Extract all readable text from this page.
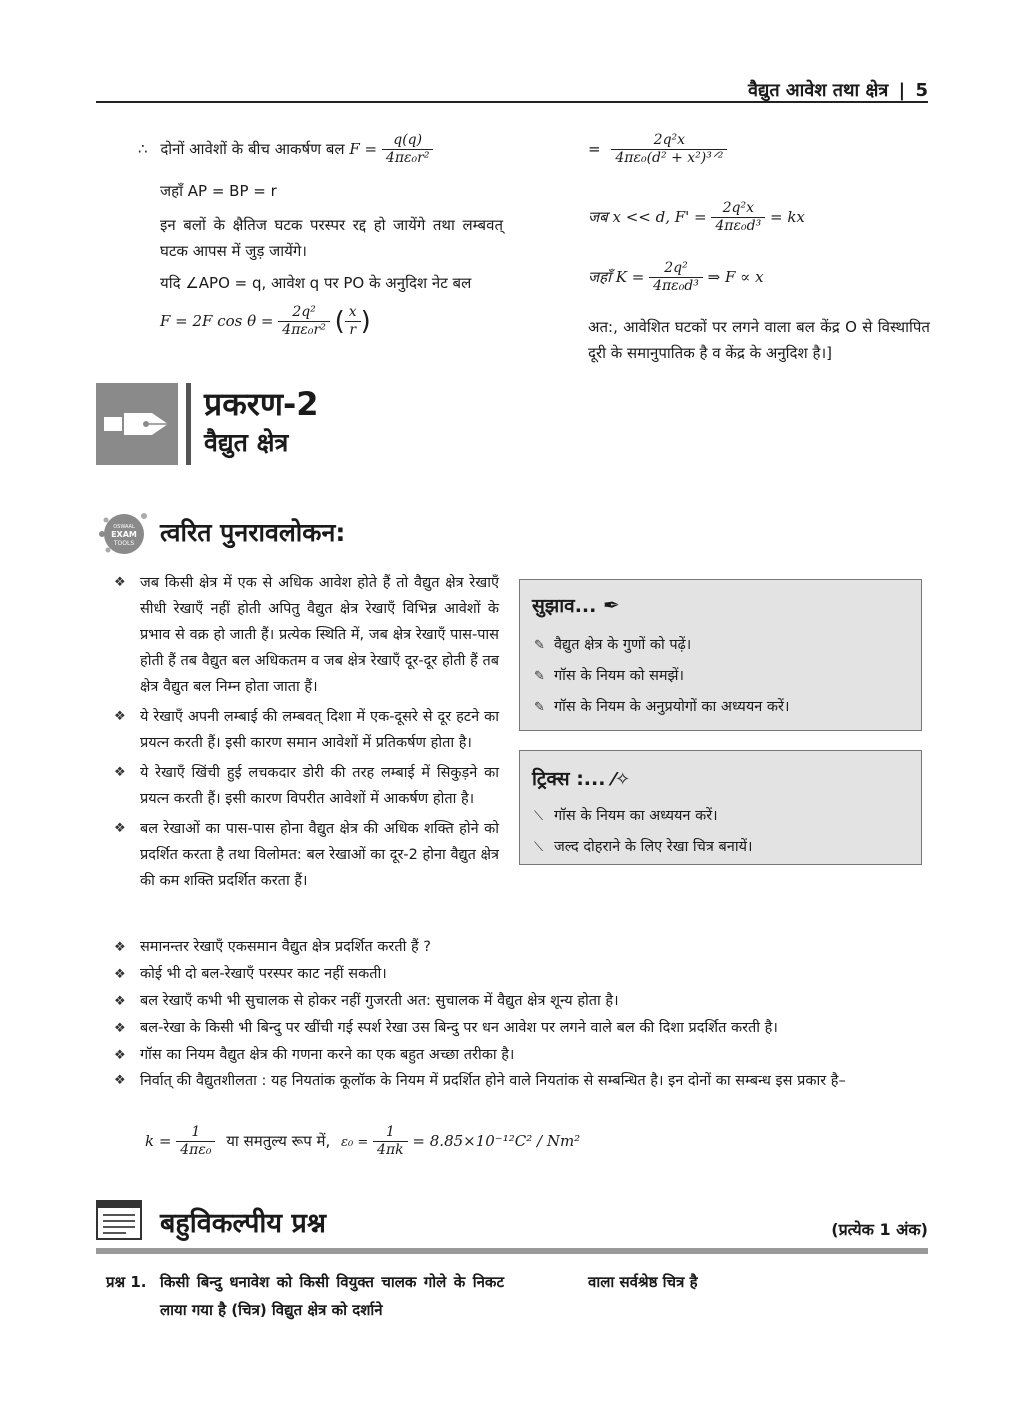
वैद्युत आवेश तथा क्षेत्र | 5
∴ दोनों आवेशों के बीच आकर्षण बल $F = \frac{q(q)}{\text{4πε₀r²}}$
जहाँ AP = BP = r
इन बलों के क्षैतिज घटक परस्पर रद्द हो जायेंगे तथा लम्बवत् घटक आपस में जुड़ जायेंगे।
यदि ∠APO = q, आवेश q पर PO के अनुदिश नेट बल
F = 2F $\cos \theta = \frac{\text{2q²}}{\text{4πε₀r²}}$ ( $\frac{x}{r}$ )
= $\frac{\text{2q²x}}{\text{4πε₀(d² + x²)³ᐟ²}}$
जब x << d, $F' = \frac{\text{2q²x}}{\text{4πε₀d³}}$ = kx
जहाँ $K = \frac{\text{2q²}}{\text{4πε₀d³}}$ ⇒ F ∝ x
अत:, आवेशित घटकों पर लगने वाला बल केंद्र O से विस्थापित दूरी के समानुपातिक है व केंद्र के अनुदिश है।]
प्रकरण-2
वैद्युत क्षेत्र
OSWAAL
EXAM
TOOLS त्वरित पुनरावलोकन:
❖ जब किसी क्षेत्र में एक से अधिक आवेश होते हैं तो वैद्युत क्षेत्र रेखाएँ सीधी रेखाएँ नहीं होती अपितु वैद्युत क्षेत्र रेखाएँ विभिन्न आवेशों के प्रभाव से वक्र हो जाती हैं। प्रत्येक स्थिति में, जब क्षेत्र रेखाएँ पास-पास होती हैं तब वैद्युत बल अधिकतम व जब क्षेत्र रेखाएँ दूर-दूर होती हैं तब क्षेत्र वैद्युत बल निम्न होता जाता हैं।
❖ ये रेखाएँ अपनी लम्बाई की लम्बवत् दिशा में एक-दूसरे से दूर हटने का प्रयत्न करती हैं। इसी कारण समान आवेशों में प्रतिकर्षण होता है।
❖ ये रेखाएँ खिंची हुई लचकदार डोरी की तरह लम्बाई में सिकुड़ने का प्रयत्न करती हैं। इसी कारण विपरीत आवेशों में आकर्षण होता है।
❖ बल रेखाओं का पास-पास होना वैद्युत क्षेत्र की अधिक शक्ति होने को प्रदर्शित करता है तथा विलोमत: बल रेखाओं का दूर-2 होना वैद्युत क्षेत्र की कम शक्ति प्रदर्शित करता हैं।
सुझाव... ✒
✎ वैद्युत क्षेत्र के गुणों को पढ़ें।
✎ गॉस के नियम को समझें।
✎ गॉस के नियम के अनुप्रयोगों का अध्ययन करें।
ट्रिक्स :... ⁄✧
⟍ गॉस के नियम का अध्ययन करें।
⟍ जल्द दोहराने के लिए रेखा चित्र बनायें।
❖ समानन्तर रेखाएँ एकसमान वैद्युत क्षेत्र प्रदर्शित करती हैं ?
❖ कोई भी दो बल-रेखाएँ परस्पर काट नहीं सकती।
❖ बल रेखाएँ कभी भी सुचालक से होकर नहीं गुजरती अत: सुचालक में वैद्युत क्षेत्र शून्य होता है।
❖ बल-रेखा के किसी भी बिन्दु पर खींची गई स्पर्श रेखा उस बिन्दु पर धन आवेश पर लगने वाले बल की दिशा प्रदर्शित करती है।
❖ गॉस का नियम वैद्युत क्षेत्र की गणना करने का एक बहुत अच्छा तरीका है।
❖ निर्वात् की वैद्युतशीलता : यह नियतांक कूलॉक के नियम में प्रदर्शित होने वाले नियतांक से सम्बन्धित है। इन दोनों का सम्बन्ध इस प्रकार है–
$k = \frac{1}{\text{4πε₀}}$ या समतुल्य रूप में, $\varepsilon_0 = \frac{1}{4\pi k} = 8.85\times 10^{-12}C^2 / Nm^2$
बहुविकल्पीय प्रश्न	(प्रत्येक 1 अंक)
प्रश्न 1. किसी बिन्दु धनावेश को किसी वियुक्त चालक गोले के निकट लाया गया है (चित्र) विद्युत क्षेत्र को दर्शाने
वाला सर्वश्रेष्ठ चित्र है
